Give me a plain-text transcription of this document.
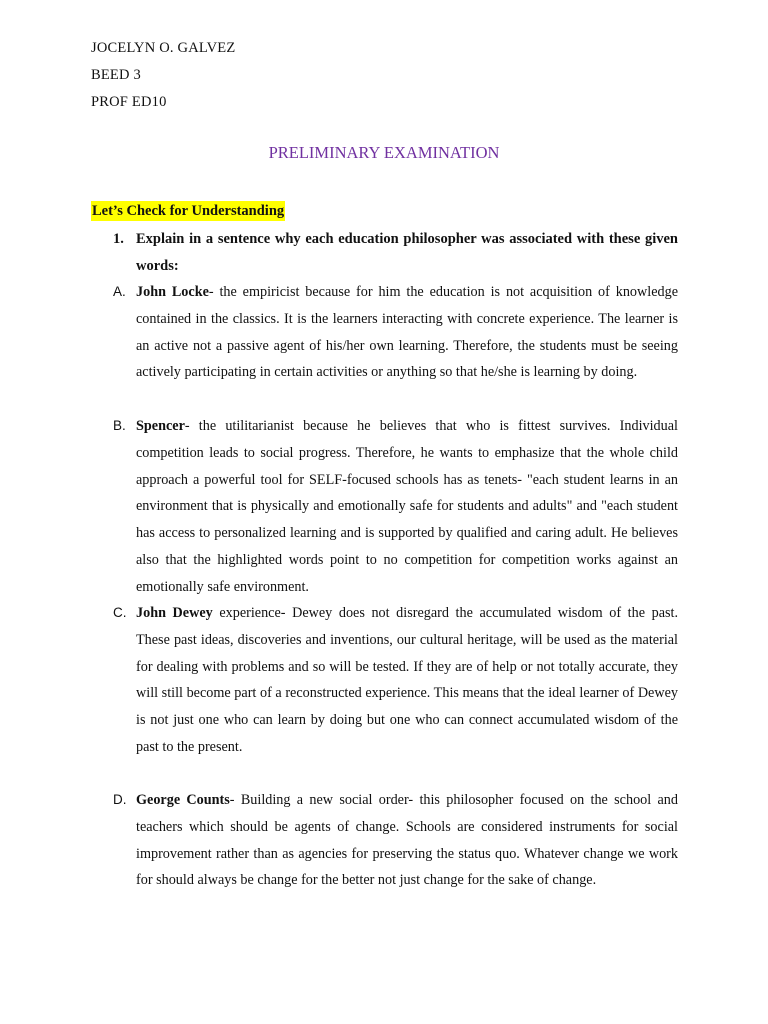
JOCELYN O. GALVEZ
BEED 3
PROF ED10
PRELIMINARY EXAMINATION
Let’s Check for Understanding
1. Explain in a sentence why each education philosopher was associated with these given words:
A. John Locke- the empiricist because for him the education is not acquisition of knowledge contained in the classics. It is the learners interacting with concrete experience. The learner is an active not a passive agent of his/her own learning. Therefore, the students must be seeing actively participating in certain activities or anything so that he/she is learning by doing.
B. Spencer- the utilitarianist because he believes that who is fittest survives. Individual competition leads to social progress. Therefore, he wants to emphasize that the whole child approach a powerful tool for SELF-focused schools has as tenets- "each student learns in an environment that is physically and emotionally safe for students and adults" and "each student has access to personalized learning and is supported by qualified and caring adult. He believes also that the highlighted words point to no competition for competition works against an emotionally safe environment.
C. John Dewey experience- Dewey does not disregard the accumulated wisdom of the past. These past ideas, discoveries and inventions, our cultural heritage, will be used as the material for dealing with problems and so will be tested. If they are of help or not totally accurate, they will still become part of a reconstructed experience. This means that the ideal learner of Dewey is not just one who can learn by doing but one who can connect accumulated wisdom of the past to the present.
D. George Counts- Building a new social order- this philosopher focused on the school and teachers which should be agents of change. Schools are considered instruments for social improvement rather than as agencies for preserving the status quo. Whatever change we work for should always be change for the better not just change for the sake of change.
